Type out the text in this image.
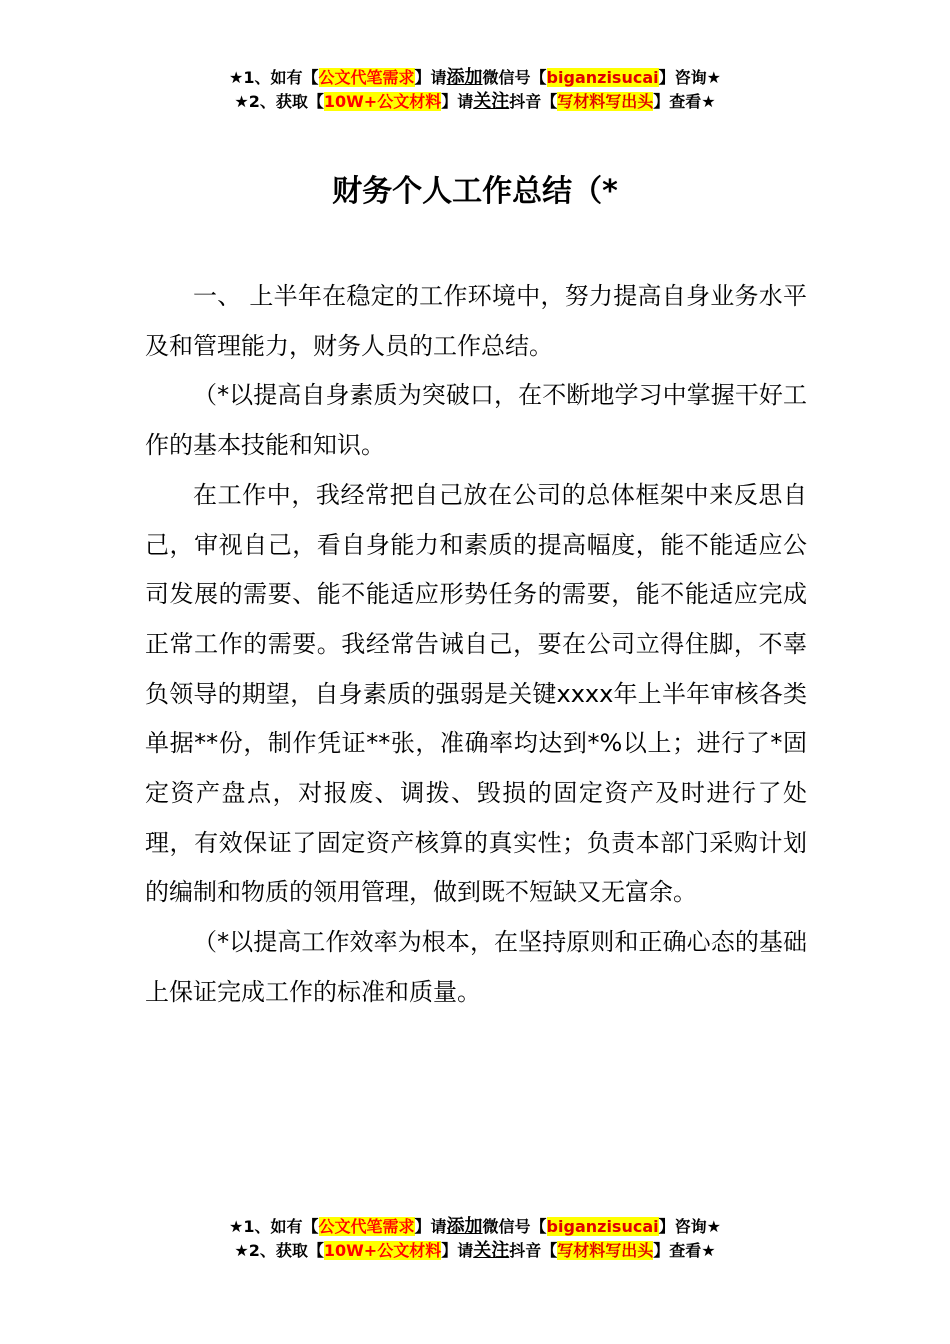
★1、如有【公文代笔需求】请添加微信号【biganzisucai】咨询★
★2、获取【10W+公文材料】请关注抖音【写材料写出头】查看★
财务个人工作总结（*

一、 上半年在稳定的工作环境中，努力提高自身业务水平及和管理能力，财务人员的工作总结。

（*以提高自身素质为突破口，在不断地学习中掌握干好工作的基本技能和知识。

在工作中，我经常把自己放在公司的总体框架中来反思自己，审视自己，看自身能力和素质的提高幅度，能不能适应公司发展的需要、能不能适应形势任务的需要，能不能适应完成正常工作的需要。我经常告诫自己，要在公司立得住脚，不辜负领导的期望，自身素质的强弱是关键xxxx年上半年审核各类单据**份，制作凭证**张，准确率均达到*%以上；进行了*固定资产盘点，对报废、调拨、毁损的固定资产及时进行了处理，有效保证了固定资产核算的真实性；负责本部门采购计划的编制和物质的领用管理，做到既不短缺又无富余。

（*以提高工作效率为根本，在坚持原则和正确心态的基础上保证完成工作的标准和质量。

★1、如有【公文代笔需求】请添加微信号【biganzisucai】咨询★
★2、获取【10W+公文材料】请关注抖音【写材料写出头】查看★
